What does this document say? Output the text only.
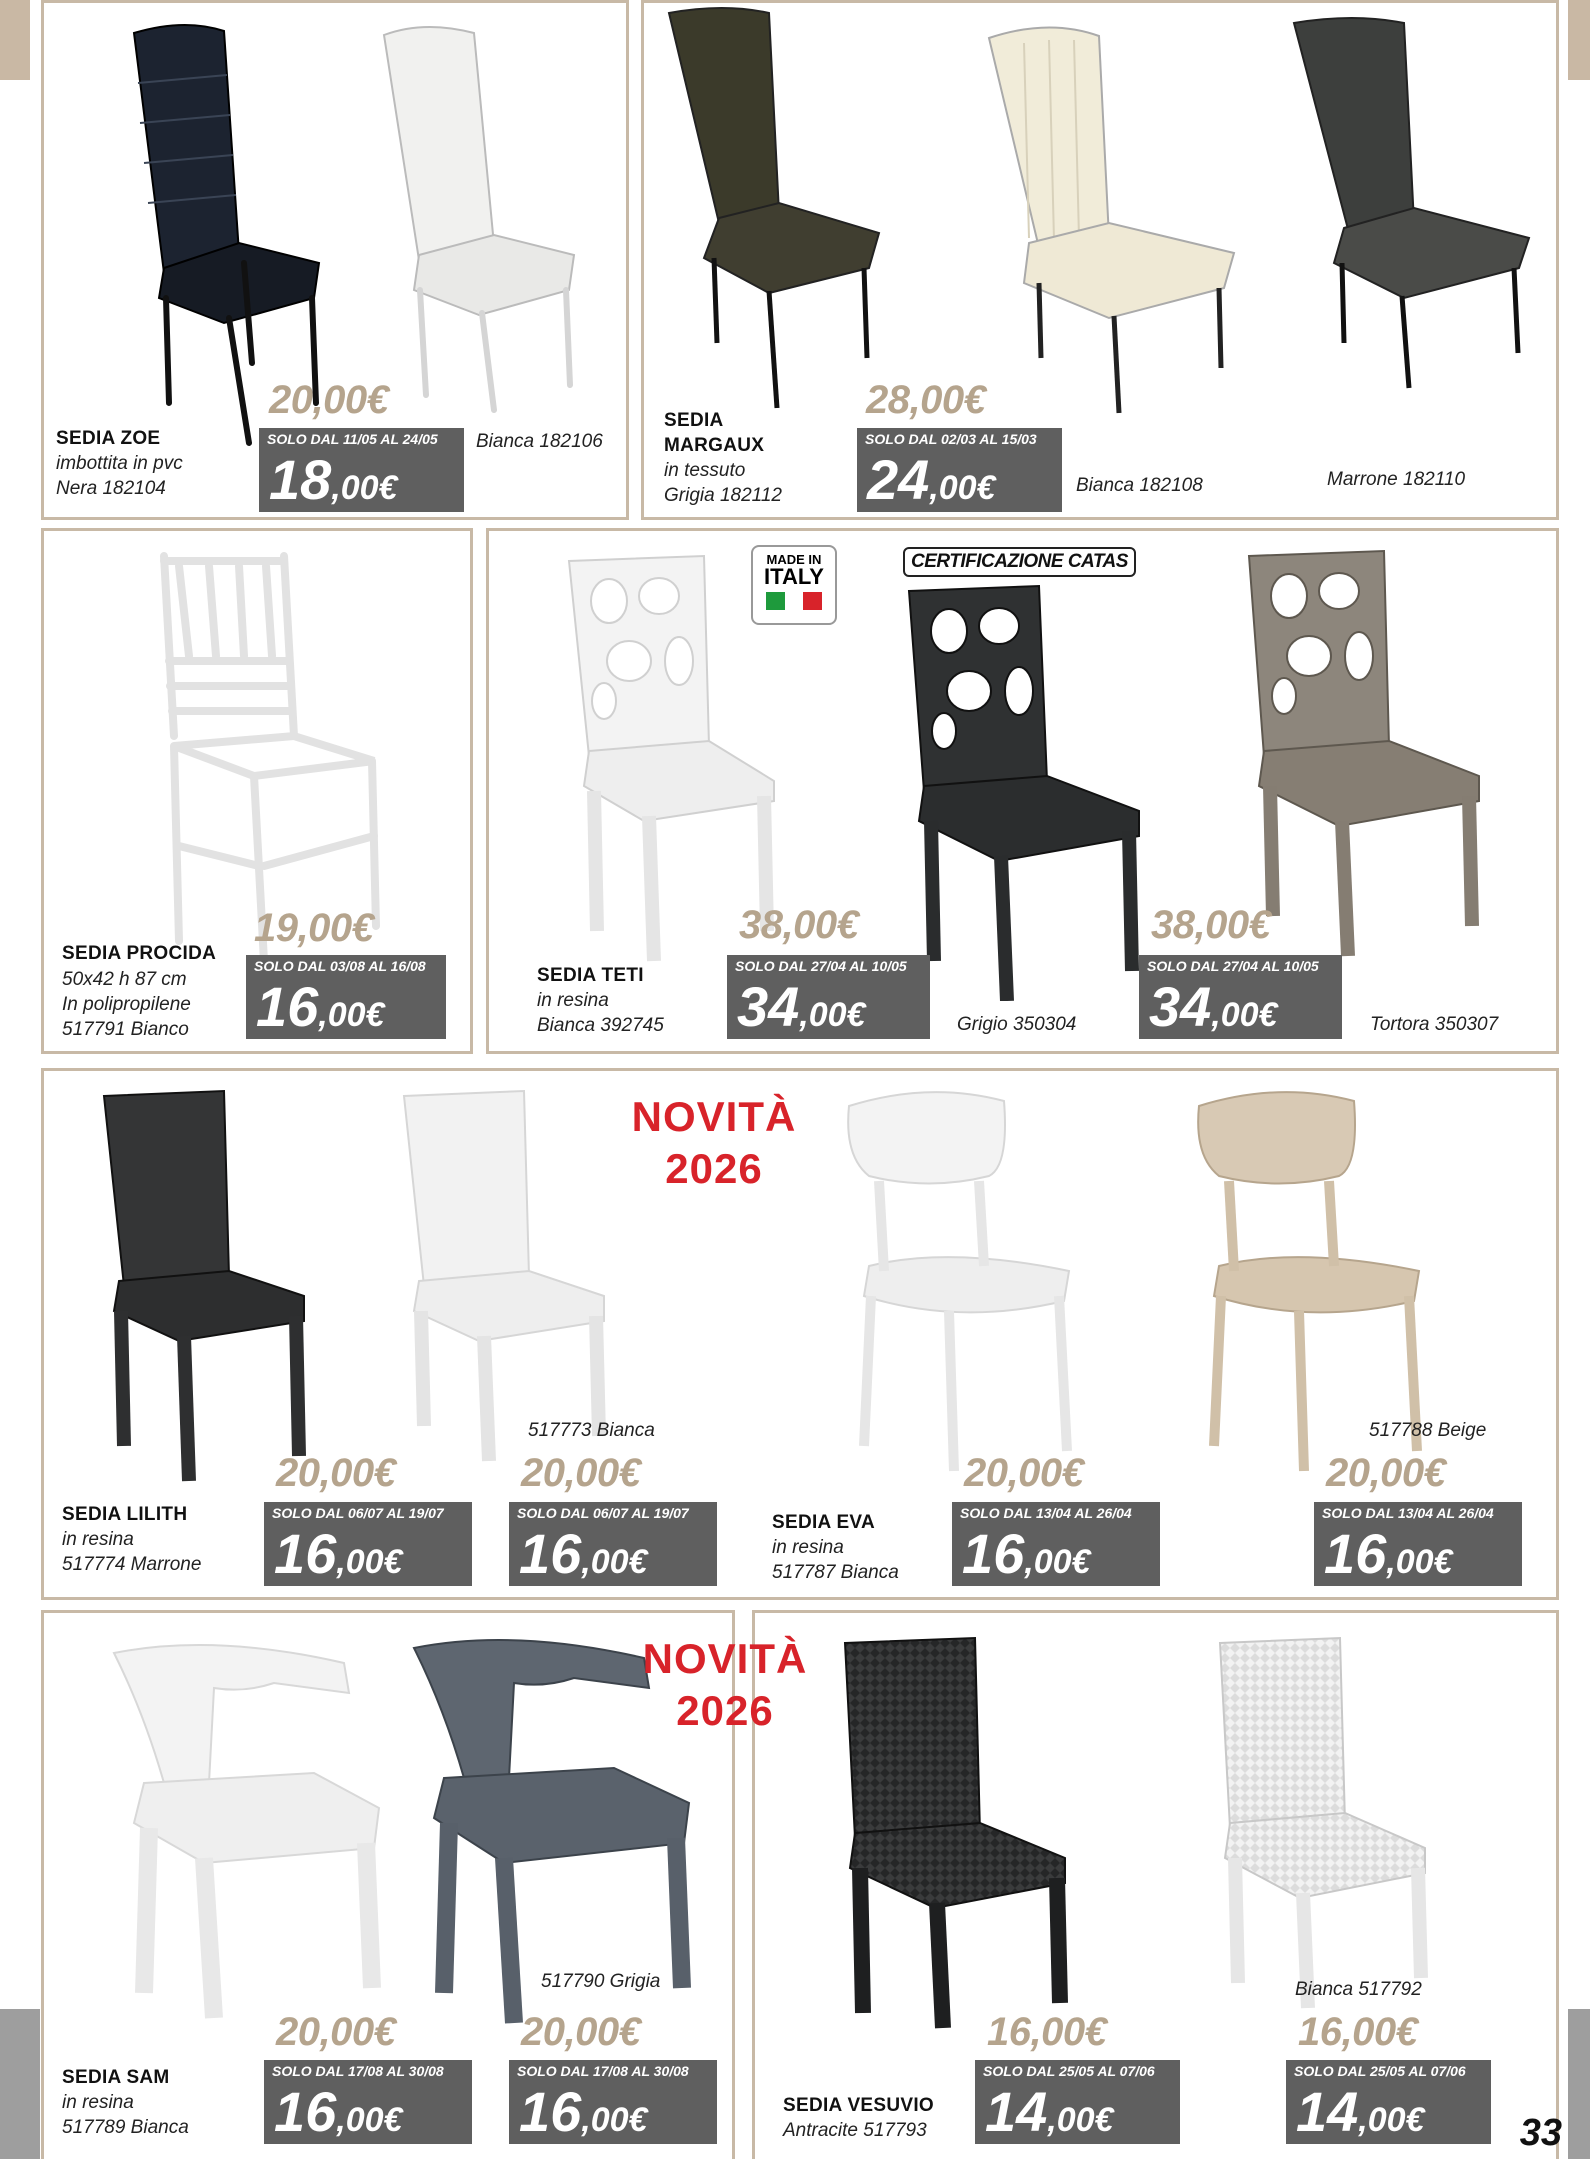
20,00€
SOLO DAL 11/05 AL 24/05
18,00€
Bianca 182106
SEDIA ZOE
imbottita in pvc
Nera 182104
SEDIA
MARGAUX
in tessuto
Grigia 182112
28,00€
SOLO DAL 02/03 AL 15/03
24,00€	Bianca 182108	Marrone 182110
19,00€
SOLO DAL 03/08 AL 16/08
16,00€
SEDIA PROCIDA
50x42 h 87 cm
In polipropilene
517791 Bianco
MADE IN
ITALY
CERTIFICAZIONE CATAS
SEDIA TETI
in resina
Bianca 392745
38,00€
SOLO DAL 27/04 AL 10/05
34,00€	Grigio 350304
38,00€
SOLO DAL 27/04 AL 10/05
34,00€	Tortora 350307
NOVITÀ
2026
517773 Bianca	517788 Beige
SEDIA LILITH
in resina
517774 Marrone
20,00€
SOLO DAL 06/07 AL 19/07
16,00€
20,00€
SOLO DAL 06/07 AL 19/07
16,00€
SEDIA EVA
in resina
517787 Bianca
20,00€
SOLO DAL 13/04 AL 26/04
16,00€
20,00€
SOLO DAL 13/04 AL 26/04
16,00€
517790 Grigia
SEDIA SAM
in resina
517789 Bianca
20,00€
SOLO DAL 17/08 AL 30/08
16,00€
20,00€
SOLO DAL 17/08 AL 30/08
16,00€
NOVITÀ
2026
Bianca 517792
SEDIA VESUVIO
Antracite 517793
16,00€
SOLO DAL 25/05 AL 07/06
14,00€
16,00€
SOLO DAL 25/05 AL 07/06
14,00€	33
